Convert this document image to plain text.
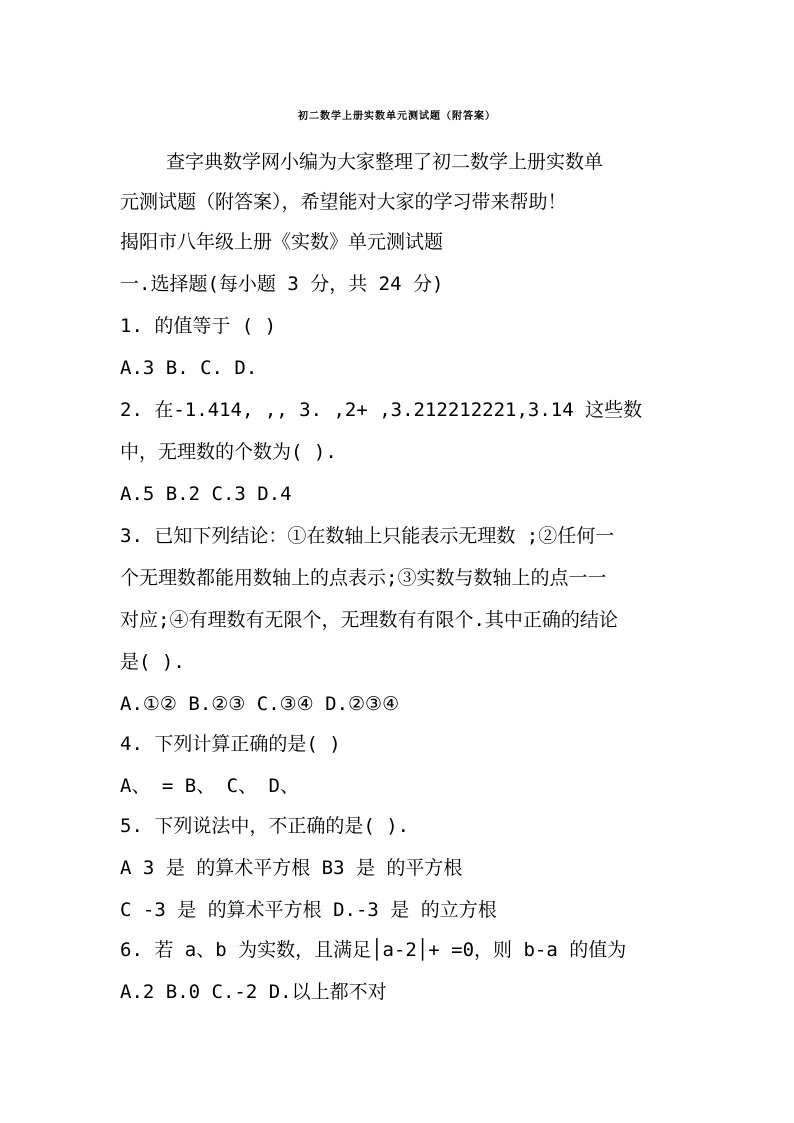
初二数学上册实数单元测试题（附答案）
查字典数学网小编为大家整理了初二数学上册实数单
元测试题（附答案），希望能对大家的学习带来帮助！
揭阳市八年级上册《实数》单元测试题
一.选择题(每小题 3 分，共 24 分)
1. 的值等于 ( )
A.3 B. C. D.
2. 在-1.414, ,, 3. ,2+ ,3.212212221,3.14 这些数
中，无理数的个数为( ).
A.5 B.2 C.3 D.4
3. 已知下列结论：①在数轴上只能表示无理数 ;②任何一
个无理数都能用数轴上的点表示;③实数与数轴上的点一一
对应;④有理数有无限个，无理数有有限个.其中正确的结论
是( ).
A.①② B.②③ C.③④ D.②③④
4. 下列计算正确的是( )
A、 = B、 C、 D、
5. 下列说法中，不正确的是( ).
A 3 是 的算术平方根 B3 是 的平方根
C -3 是 的算术平方根 D.-3 是 的立方根
6. 若 a、b 为实数，且满足│a-2│+ =0，则 b-a 的值为
A.2 B.0 C.-2 D.以上都不对
